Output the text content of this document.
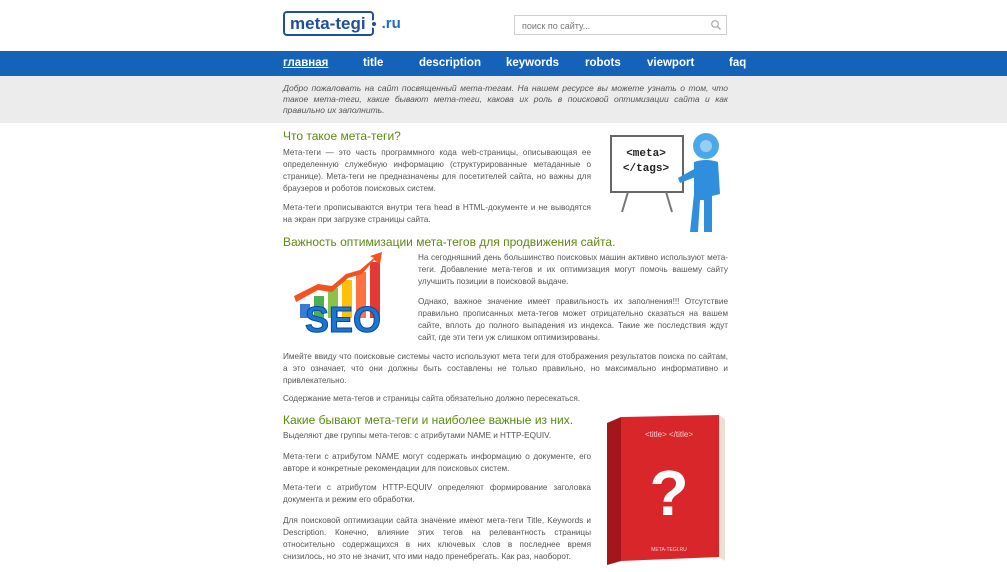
meta-tegi	.ru
поиск по сайту...
главная	title	description	keywords	robots	viewport	faq

Добро пожаловать на сайт посвященный мета-тегам. На нашем ресурсе вы можете узнать о том, что такое мета-теги, какие бывают мета-теги, какова их роль в поисковой оптимизации сайта и как правильно их заполнить.

Что такое мета-теги?
Мета-теги — это часть программного кода web-страницы, описывающая ее определенную служебную информацию (структурированные метаданные о странице). Мета-теги не предназначены для посетителей сайта, но важны для браузеров и роботов поисковых систем.
Мета-теги прописываются внутри тега head в HTML-документе и не выводятся на экран при загрузке страницы сайта.
<meta>
</tags>
Важность оптимизации мета-тегов для продвижения сайта.
SEO
На сегодняшний день большинство поисковых машин активно используют мета-теги. Добавление мета-тегов и их оптимизация могут помочь вашему сайту улучшить позиции в поисковой выдаче.
Однако, важное значение имеет правильность их заполнения!!! Отсутствие правильно прописанных мета-тегов может отрицательно сказаться на вашем сайте, вплоть до полного выпадения из индекса. Такие же последствия ждут сайт, где эти теги уж слишком оптимизированы.
Имейте ввиду что поисковые системы часто используют мета теги для отображения результатов поиска по сайтам, а это означает, что они должны быть составлены не только правильно, но максимально информативно и привлекательно.
Содержание мета-тегов и страницы сайта обязательно должно пересекаться.
Какие бывают мета-теги и наиболее важные из них.
Выделяют две группы мета-тегов: с атрибутами NAME и HTTP-EQUIV.
Мета-теги с атрибутом NAME могут содержать информацию о документе, его авторе и конкретные рекомендации для поисковых систем.
Мета-теги с атрибутом HTTP-EQUIV определяют формирование заголовка документа и режим его обработки.
Для поисковой оптимизации сайта значение имеют мета-теги Title, Keywords и Description. Конечно, влияние этих тегов на релевантность страницы относительно содержащихся в них ключевых слов в последнее время снизилось, но это не значит, что ими надо пренебрегать. Как раз, наоборот.
<title> </title>
?
META-TEGI.RU
